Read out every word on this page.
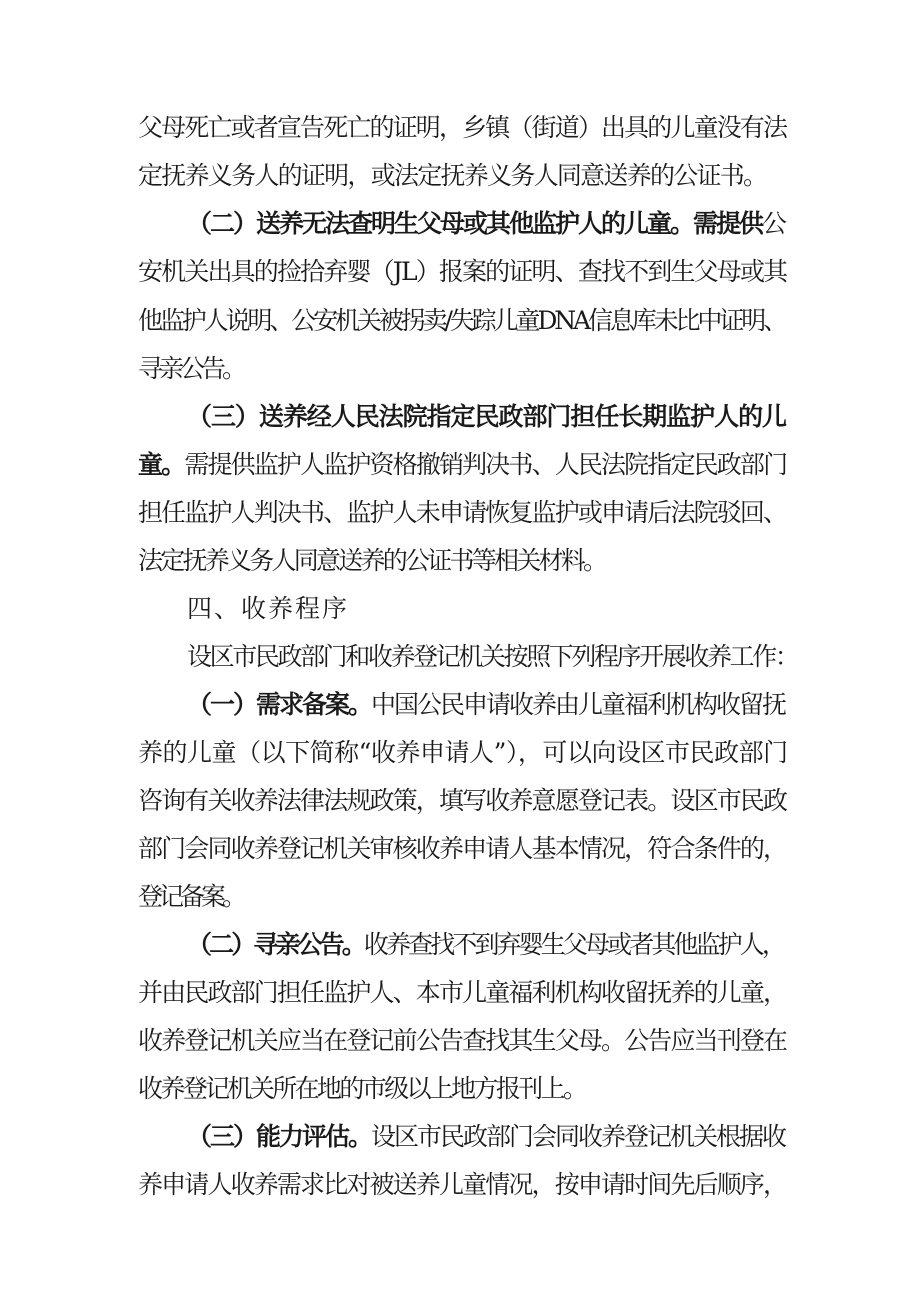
父母死亡或者宣告死亡的证明，乡镇（街道）出具的儿童没有法
定抚养义务人的证明，或法定抚养义务人同意送养的公证书。
（二）送养无法查明生父母或其他监护人的儿童。需提供公
安机关出具的捡拾弃婴（JL）报案的证明、查找不到生父母或其
他监护人说明、公安机关被拐卖/失踪儿童DNA信息库未比中证明、
寻亲公告。
（三）送养经人民法院指定民政部门担任长期监护人的儿
童。需提供监护人监护资格撤销判决书、人民法院指定民政部门
担任监护人判决书、监护人未申请恢复监护或申请后法院驳回、
法定抚养义务人同意送养的公证书等相关材料。
四、收养程序
设区市民政部门和收养登记机关按照下列程序开展收养工作：
（一）需求备案。中国公民申请收养由儿童福利机构收留抚
养的儿童（以下简称“收养申请人”），可以向设区市民政部门
咨询有关收养法律法规政策，填写收养意愿登记表。设区市民政
部门会同收养登记机关审核收养申请人基本情况，符合条件的，
登记备案。
（二）寻亲公告。收养查找不到弃婴生父母或者其他监护人，
并由民政部门担任监护人、本市儿童福利机构收留抚养的儿童，
收养登记机关应当在登记前公告查找其生父母。公告应当刊登在
收养登记机关所在地的市级以上地方报刊上。
（三）能力评估。设区市民政部门会同收养登记机关根据收
养申请人收养需求比对被送养儿童情况，按申请时间先后顺序，
